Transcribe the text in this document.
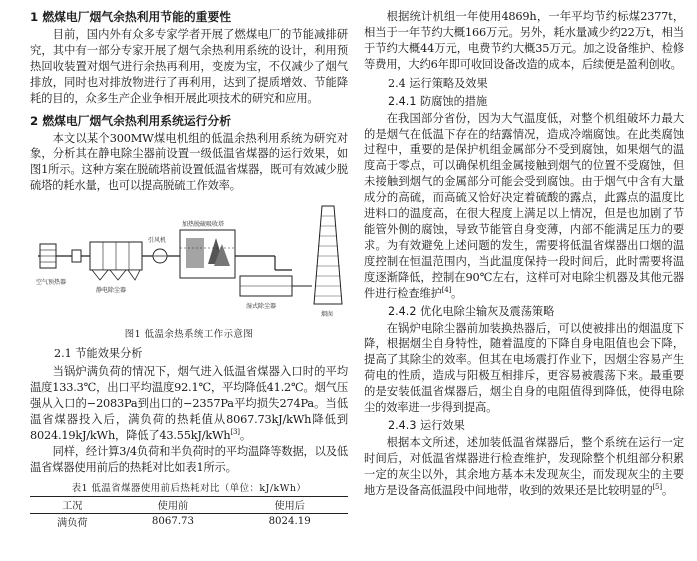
1 燃煤电厂烟气余热利用节能的重要性

目前，国内外有众多专家学者开展了燃煤电厂的节能减排研究，其中有一部分专家开展了烟气余热利用系统的设计，利用预热回收装置对烟气进行余热再利用，变废为宝，不仅减少了烟气排放，同时也对排放物进行了再利用，达到了提质增效、节能降耗的目的，众多生产企业争相开展此项技术的研究和应用。

2 燃煤电厂烟气余热利用系统运行分析

本文以某个300MW煤电机组的低温余热利用系统为研究对象，分析其在静电除尘器前设置一级低温省煤器的运行效果，如图1所示。这种方案在脱硫塔前设置低温省煤器，既可有效减少脱硫塔的耗水量，也可以提高脱硫工作效率。

空气预热器
静电除尘器
引风机
加热脱硫吸收塔
湿式除尘器
烟囱
图1 低温余热系统工作示意图
2.1 节能效果分析

当锅炉满负荷的情况下，烟气进入低温省煤器入口时的平均温度133.3℃，出口平均温度92.1℃，平均降低41.2℃。烟气压强从入口的−2083Pa到出口的−2357Pa平均损失274Pa。当低温省煤器投入后，满负荷的热耗值从8067.73kJ/kWh降低到8024.19kJ/kWh，降低了43.55kJ/kWh[3]。

同样，经计算3/4负荷和半负荷时的平均温降等数据，以及低温省煤器使用前后的热耗对比如表1所示。

表1 低温省煤器使用前后热耗对比（单位：kJ/kWh）
工况	使用前	使用后
满负荷	8067.73	8024.19

根据统计机组一年使用4869h，一年平均节约标煤2377t，相当于一年节约大概166万元。另外，耗水量减少约22万t，相当于节约大概44万元，电费节约大概35万元。加之设备维护、检修等费用，大约6年即可收回设备改造的成本，后续便是盈利创收。

2.4 运行策略及效果
2.4.1 防腐蚀的措施

在我国部分省份，因为大气温度低，对整个机组破坏力最大的是烟气在低温下存在的结露情况，造成冷端腐蚀。在此类腐蚀过程中，重要的是保护机组金属部分不受到腐蚀，如果烟气的温度高于零点，可以确保机组金属接触到烟气的位置不受腐蚀，但未接触到烟气的金属部分可能会受到腐蚀。由于烟气中含有大量成分的高硫，而高硫又恰好决定着硫酸的露点，此露点的温度比进料口的温度高，在很大程度上满足以上情况，但是也加剧了节能管外侧的腐蚀，导致节能管自身变薄，内部不能满足压力的要求。为有效避免上述问题的发生，需要将低温省煤器出口烟的温度控制在恒温范围内，当此温度保持一段时间后，此时需要将温度逐渐降低，控制在90℃左右，这样可对电除尘机器及其他元器件进行检查维护[4]。

2.4.2 优化电除尘输灰及震荡策略

在锅炉电除尘器前加装换热器后，可以使被排出的烟温度下降，根据烟尘自身特性，随着温度的下降自身电阻值也会下降，提高了其除尘的效率。但其在电场震打作业下，因烟尘容易产生荷电的性质，造成与阳极互相排斥，更容易被震荡下来。最重要的是安装低温省煤器后，烟尘自身的电阻值得到降低，使得电除尘的效率进一步得到提高。

2.4.3 运行效果

根据本文所述，述加装低温省煤器后，整个系统在运行一定时间后，对低温省煤器进行检查维护，发现除整个机组部分积累一定的灰尘以外，其余地方基本未发现灰尘，而发现灰尘的主要地方是设备高低温段中间地带，收到的效果还是比较明显的[5]。
